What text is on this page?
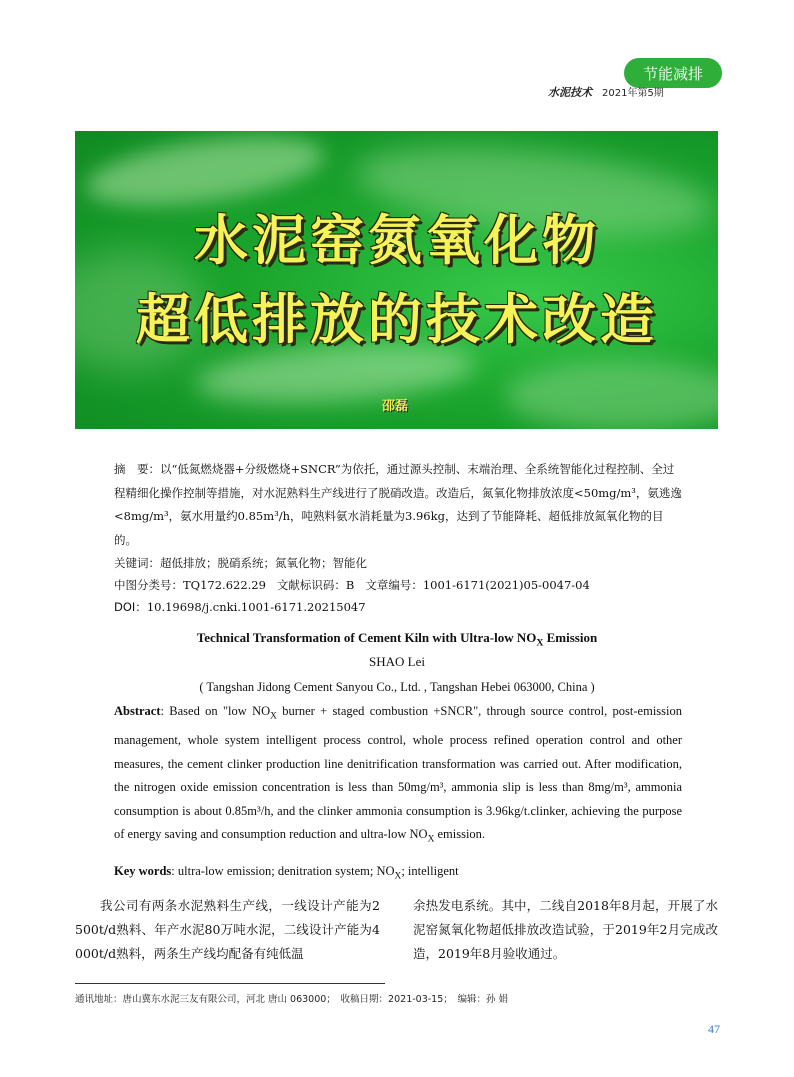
节能减排
水泥技术 2021年第5期
水泥窑氮氧化物
超低排放的技术改造
邵磊
摘　要：以“低氮燃烧器+分级燃烧+SNCR”为依托，通过源头控制、末端治理、全系统智能化过程控制、全过程精细化操作控制等措施，对水泥熟料生产线进行了脱硝改造。改造后，氮氧化物排放浓度<50mg/m³，氨逃逸<8mg/m³，氨水用量约0.85m³/h，吨熟料氨水消耗量为3.96kg，达到了节能降耗、超低排放氮氧化物的目的。
关键词：超低排放；脱硝系统；氮氧化物；智能化
中图分类号：TQ172.622.29 文献标识码：B 文章编号：1001-6171(2021)05-0047-04
DOI：10.19698/j.cnki.1001-6171.20215047
Technical Transformation of Cement Kiln with Ultra-low $NO_X$ Emission
SHAO Lei
( Tangshan Jidong Cement Sanyou Co., Ltd. , Tangshan Hebei 063000, China )
Abstract: Based on "low $NO_X$ burner + staged combustion +SNCR", through source control, post-emission management, whole system intelligent process control, whole process refined operation control and other measures, the cement clinker production line denitrification transformation was carried out. After modification, the nitrogen oxide emission concentration is less than 50mg/m³, ammonia slip is less than 8mg/m³, ammonia consumption is about 0.85m³/h, and the clinker ammonia consumption is 3.96kg/t.clinker, achieving the purpose of energy saving and consumption reduction and ultra-low $NO_X$ emission.
Key words: ultra-low emission; denitration system; $NO_X$; intelligent

我公司有两条水泥熟料生产线，一线设计产能为2 500t/d熟料、年产水泥80万吨水泥，二线设计产能为4 000t/d熟料，两条生产线均配备有纯低温

余热发电系统。其中，二线自2018年8月起，开展了水泥窑氮氧化物超低排放改造试验，于2019年2月完成改造，2019年8月验收通过。

通讯地址：唐山冀东水泥三友有限公司，河北 唐山 063000；　收稿日期：2021-03-15；　编辑：孙 娟
47
